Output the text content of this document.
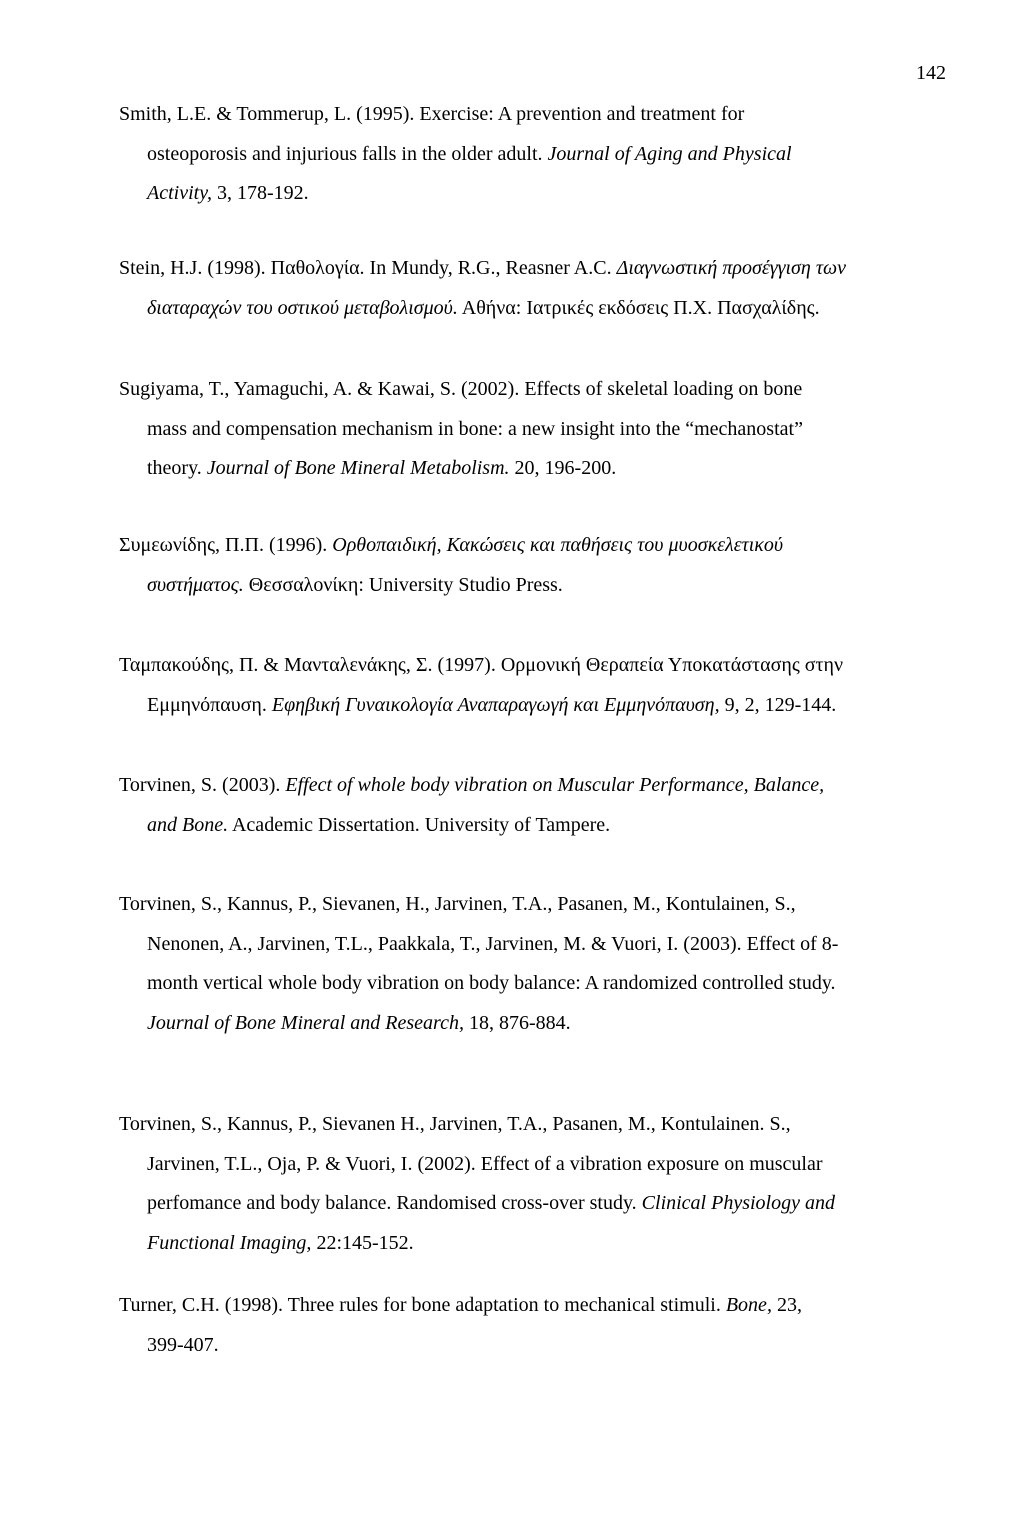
142
Smith, L.E. & Tommerup, L. (1995). Exercise: A prevention and treatment for
osteoporosis and injurious falls in the older adult. Journal of Aging and Physical
Activity, 3, 178-192.
Stein, H.J. (1998). Παθολογία. In Mundy, R.G., Reasner A.C. Διαγνωστική προσέγγιση των
διαταραχών του οστικού μεταβολισμού. Αθήνα: Ιατρικές εκδόσεις Π.Χ. Πασχαλίδης.
Sugiyama, T., Yamaguchi, A. & Kawai, S. (2002). Effects of skeletal loading on bone
mass and compensation mechanism in bone: a new insight into the “mechanostat”
theory. Journal of Bone Mineral Metabolism. 20, 196-200.
Συμεωνίδης, Π.Π. (1996). Ορθοπαιδική, Κακώσεις και παθήσεις του μυοσκελετικού
συστήματος. Θεσσαλονίκη: University Studio Press.
Ταμπακούδης, Π. & Μανταλενάκης, Σ. (1997). Ορμονική Θεραπεία Υποκατάστασης στην
Εμμηνόπαυση. Εφηβική Γυναικολογία Αναπαραγωγή και Εμμηνόπαυση, 9, 2, 129-144.
Torvinen, S. (2003). Effect of whole body vibration on Muscular Performance, Balance,
and Bone. Academic Dissertation. University of Tampere.
Torvinen, S., Kannus, P., Sievanen, H., Jarvinen, T.A., Pasanen, M., Kontulainen, S.,
Nenonen, A., Jarvinen, T.L., Paakkala, T., Jarvinen, M. & Vuori, I. (2003). Effect of 8-
month vertical whole body vibration on body balance: A randomized controlled study.
Journal of Bone Mineral and Research, 18, 876-884.
Torvinen, S., Kannus, P., Sievanen H., Jarvinen, T.A., Pasanen, M., Kontulainen. S.,
Jarvinen, T.L., Oja, P. & Vuori, I. (2002). Effect of a vibration exposure on muscular
perfomance and body balance. Randomised cross-over study. Clinical Physiology and
Functional Imaging, 22:145-152.
Turner, C.H. (1998). Three rules for bone adaptation to mechanical stimuli. Bone, 23,
399-407.
